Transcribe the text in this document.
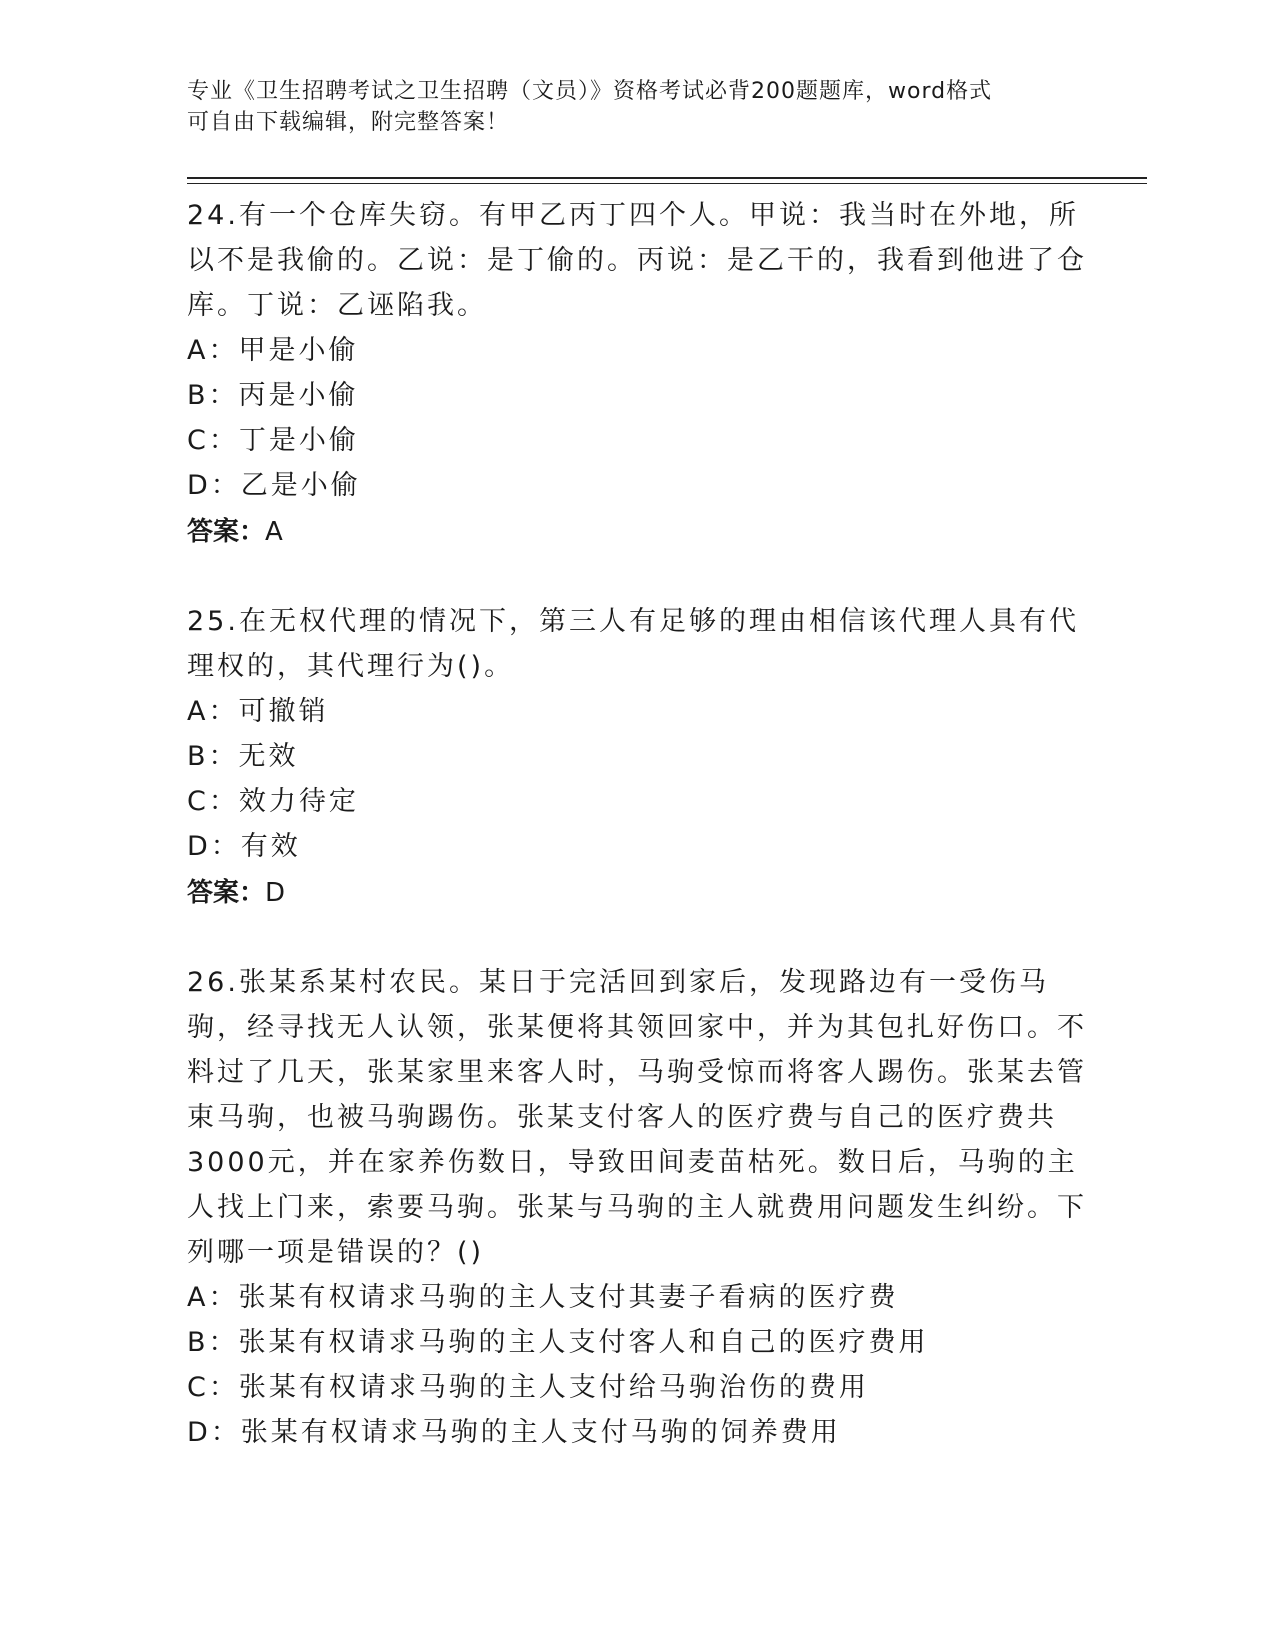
专业《卫生招聘考试之卫生招聘（文员）》资格考试必背200题题库，word格式
可自由下载编辑，附完整答案！
24.有一个仓库失窃。有甲乙丙丁四个人。甲说：我当时在外地，所以不是我偷的。乙说：是丁偷的。丙说：是乙干的，我看到他进了仓库。丁说：乙诬陷我。
A：甲是小偷
B：丙是小偷
C：丁是小偷
D：乙是小偷
答案：A
25.在无权代理的情况下，第三人有足够的理由相信该代理人具有代理权的，其代理行为()。
A：可撤销
B：无效
C：效力待定
D：有效
答案：D
26.张某系某村农民。某日于完活回到家后，发现路边有一受伤马驹，经寻找无人认领，张某便将其领回家中，并为其包扎好伤口。不料过了几天，张某家里来客人时，马驹受惊而将客人踢伤。张某去管束马驹，也被马驹踢伤。张某支付客人的医疗费与自己的医疗费共3000元，并在家养伤数日，导致田间麦苗枯死。数日后，马驹的主人找上门来，索要马驹。张某与马驹的主人就费用问题发生纠纷。下列哪一项是错误的？()
A：张某有权请求马驹的主人支付其妻子看病的医疗费
B：张某有权请求马驹的主人支付客人和自己的医疗费用
C：张某有权请求马驹的主人支付给马驹治伤的费用
D：张某有权请求马驹的主人支付马驹的饲养费用
